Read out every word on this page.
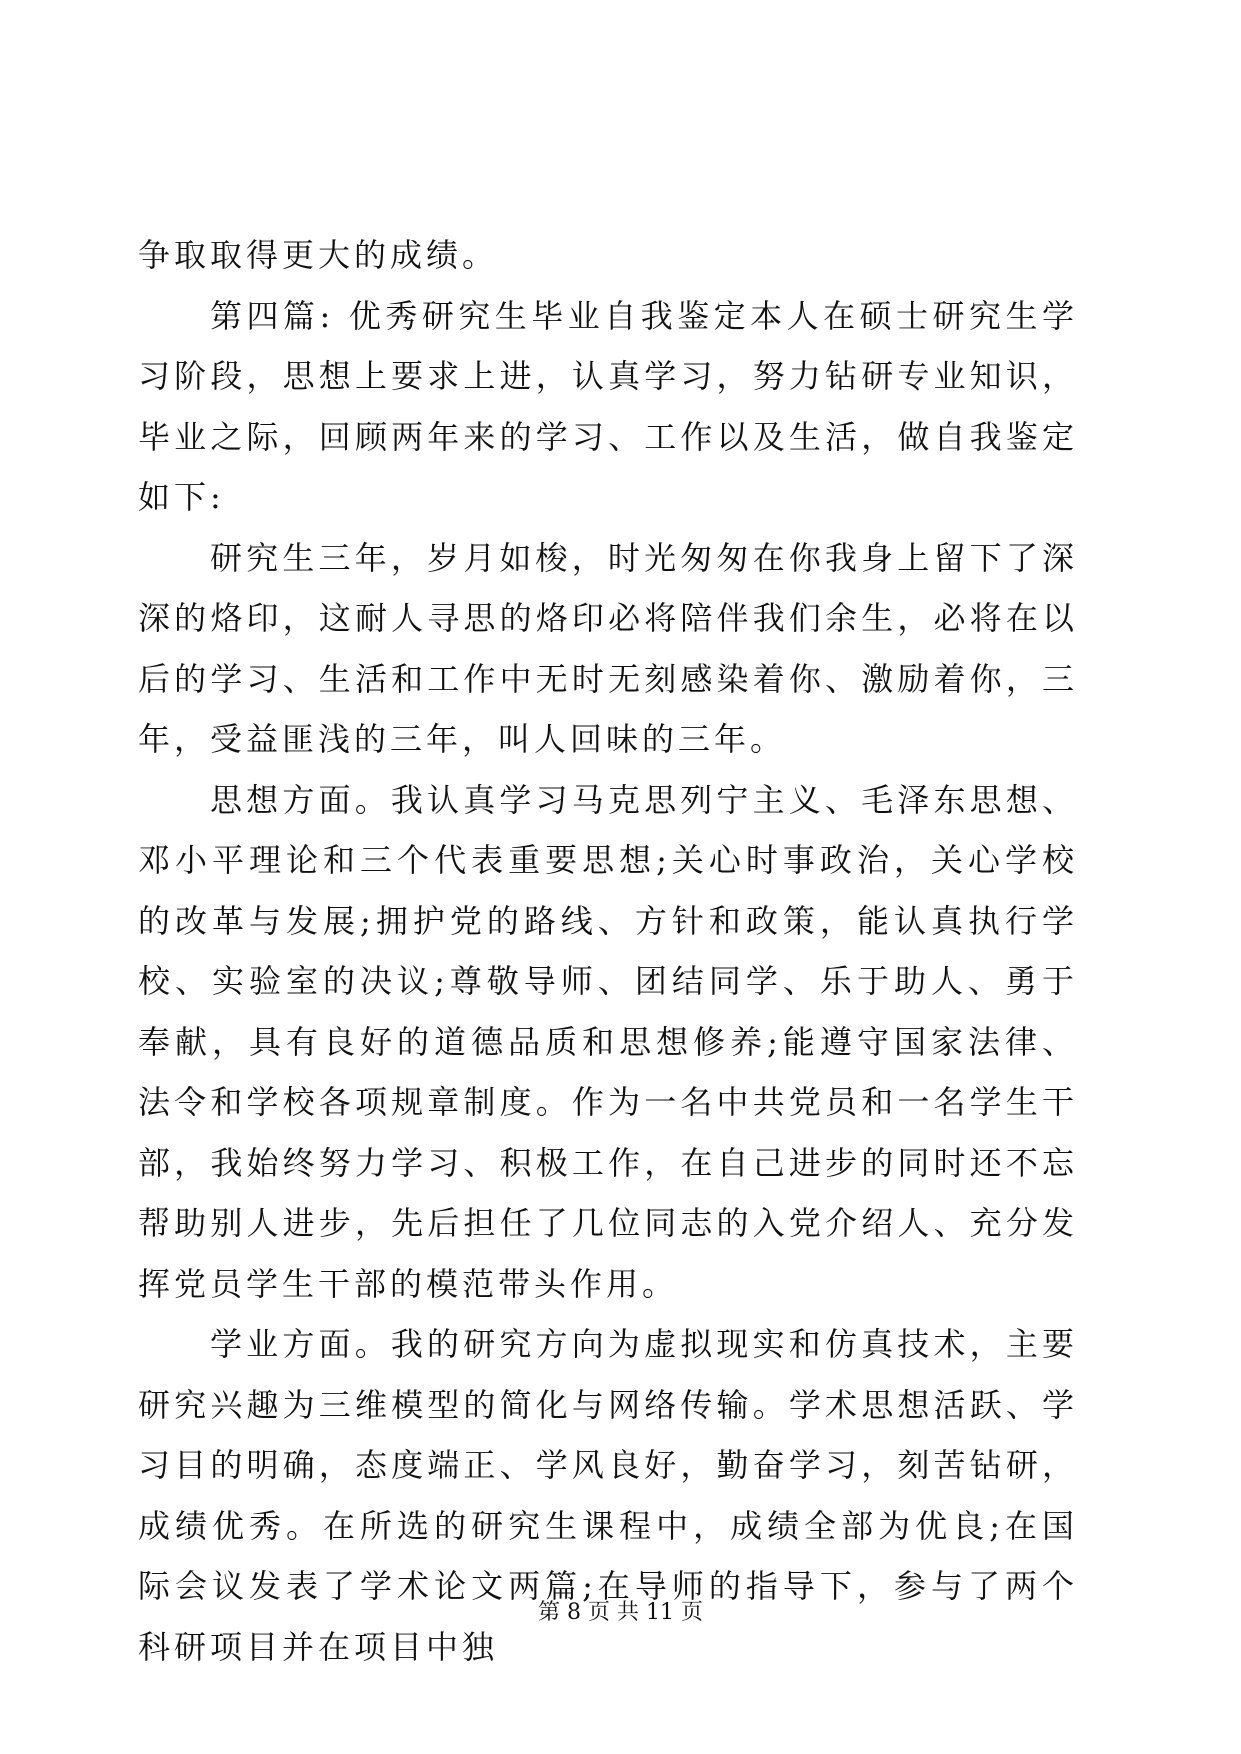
争取取得更大的成绩。

第四篇: 优秀研究生毕业自我鉴定本人在硕士研究生学习阶段，思想上要求上进，认真学习，努力钻研专业知识，毕业之际，回顾两年来的学习、工作以及生活，做自我鉴定如下:

研究生三年，岁月如梭，时光匆匆在你我身上留下了深深的烙印，这耐人寻思的烙印必将陪伴我们余生，必将在以后的学习、生活和工作中无时无刻感染着你、激励着你，三年，受益匪浅的三年，叫人回味的三年。

思想方面。我认真学习马克思列宁主义、毛泽东思想、邓小平理论和三个代表重要思想;关心时事政治，关心学校的改革与发展;拥护党的路线、方针和政策，能认真执行学校、实验室的决议;尊敬导师、团结同学、乐于助人、勇于奉献，具有良好的道德品质和思想修养;能遵守国家法律、法令和学校各项规章制度。作为一名中共党员和一名学生干部，我始终努力学习、积极工作，在自己进步的同时还不忘帮助别人进步，先后担任了几位同志的入党介绍人、充分发挥党员学生干部的模范带头作用。

学业方面。我的研究方向为虚拟现实和仿真技术，主要研究兴趣为三维模型的简化与网络传输。学术思想活跃、学习目的明确，态度端正、学风良好，勤奋学习，刻苦钻研，成绩优秀。在所选的研究生课程中，成绩全部为优良;在国际会议发表了学术论文两篇;在导师的指导下，参与了两个科研项目并在项目中独

第 8 页 共 11 页
